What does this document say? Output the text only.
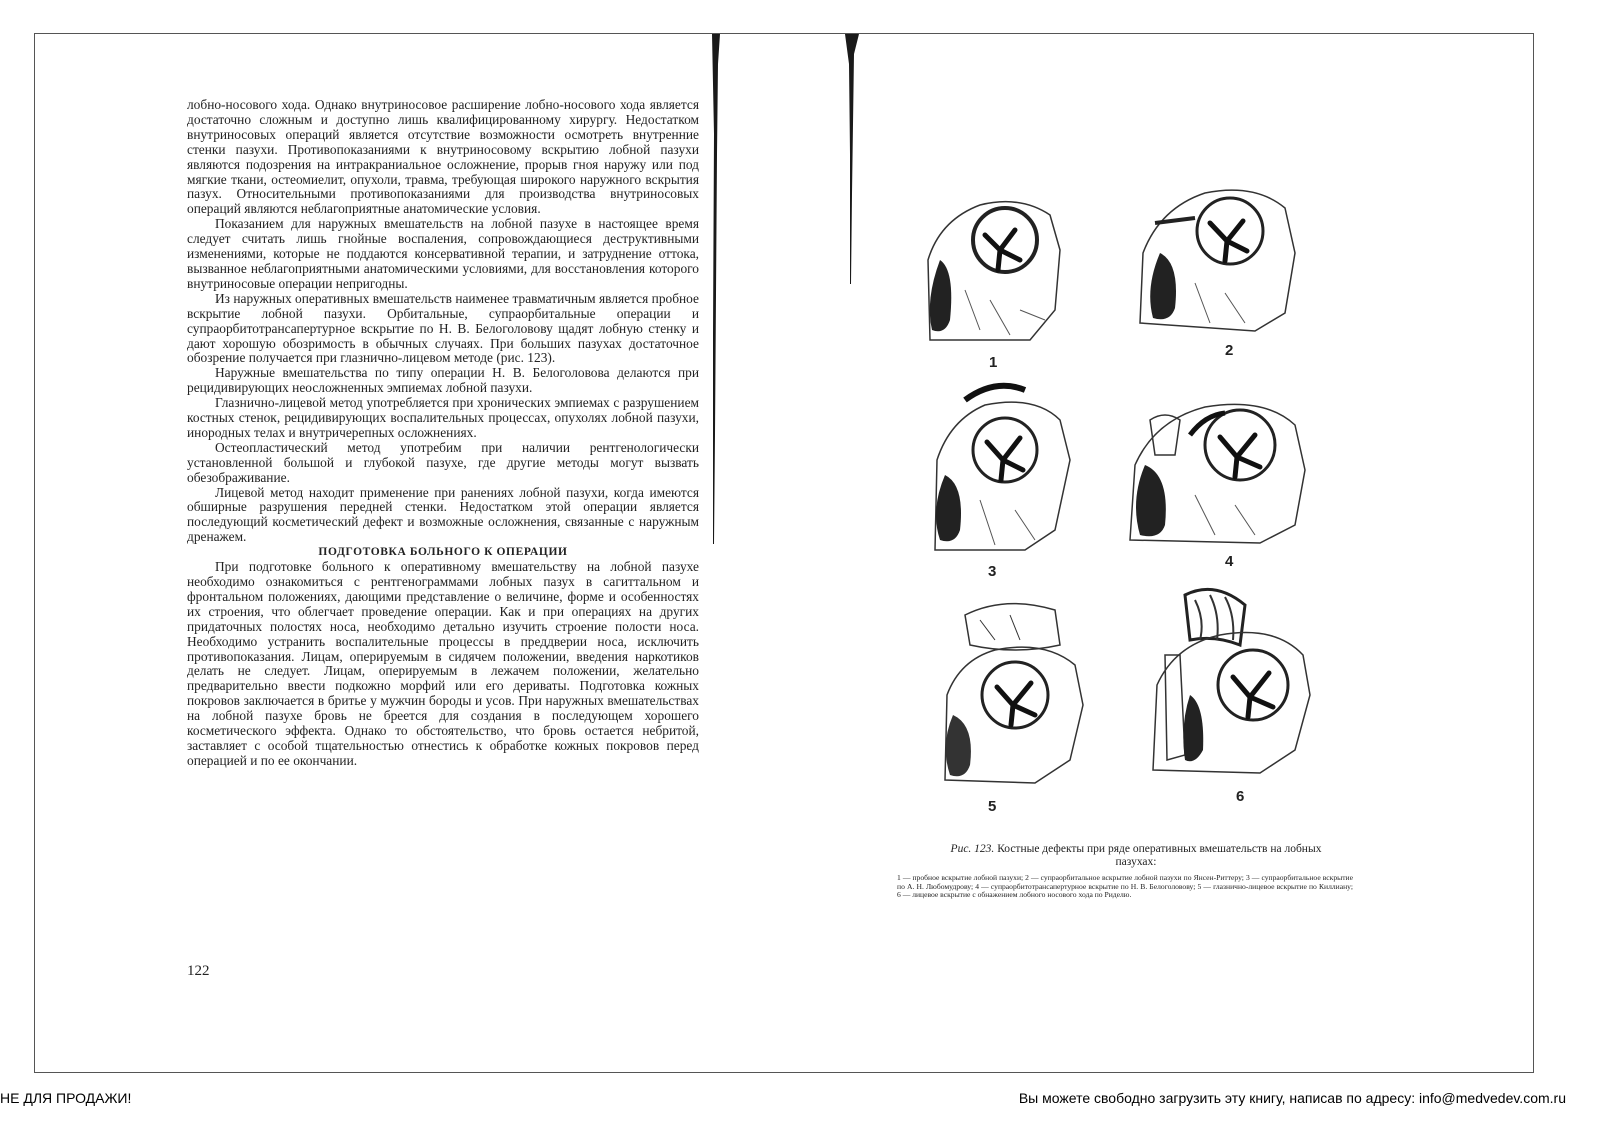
лобно-носового хода. Однако внутриносовое расширение лобно-носового хода является достаточно сложным и доступно лишь квалифицированному хирургу. Недостатком внутриносовых операций является отсутствие возможности осмотреть внутренние стенки пазухи. Противопоказаниями к внутриносовому вскрытию лобной пазухи являются подозрения на интракраниальное осложнение, прорыв гноя наружу или под мягкие ткани, остеомиелит, опухоли, травма, требующая широкого наружного вскрытия пазух. Относительными противопоказаниями для производства внутриносовых операций являются неблагоприятные анатомические условия.

Показанием для наружных вмешательств на лобной пазухе в настоящее время следует считать лишь гнойные воспаления, сопровождающиеся деструктивными изменениями, которые не поддаются консервативной терапии, и затруднение оттока, вызванное неблагоприятными анатомическими условиями, для восстановления которого внутриносовые операции непригодны.

Из наружных оперативных вмешательств наименее травматичным является пробное вскрытие лобной пазухи. Орбитальные, супраорбитальные операции и супраорбитотрансапертурное вскрытие по Н. В. Белоголовову щадят лобную стенку и дают хорошую обозримость в обычных случаях. При больших пазухах достаточное обозрение получается при глазнично-лицевом методе (рис. 123).

Наружные вмешательства по типу операции Н. В. Белоголовова делаются при рецидивирующих неосложненных эмпиемах лобной пазухи.

Глазнично-лицевой метод употребляется при хронических эмпиемах с разрушением костных стенок, рецидивирующих воспалительных процессах, опухолях лобной пазухи, инородных телах и внутричерепных осложнениях.

Остеопластический метод употребим при наличии рентгенологически установленной большой и глубокой пазухе, где другие методы могут вызвать обезображивание.

Лицевой метод находит применение при ранениях лобной пазухи, когда имеются обширные разрушения передней стенки. Недостатком этой операции является последующий косметический дефект и возможные осложнения, связанные с наружным дренажем.

ПОДГОТОВКА БОЛЬНОГО К ОПЕРАЦИИ

При подготовке больного к оперативному вмешательству на лобной пазухе необходимо ознакомиться с рентгенограммами лобных пазух в сагиттальном и фронтальном положениях, дающими представление о величине, форме и особенностях их строения, что облегчает проведение операции. Как и при операциях на других придаточных полостях носа, необходимо детально изучить строение полости носа. Необходимо устранить воспалительные процессы в преддверии носа, исключить противопоказания. Лицам, оперируемым в сидячем положении, введения наркотиков делать не следует. Лицам, оперируемым в лежачем положении, желательно предварительно ввести подкожно морфий или его дериваты. Подготовка кожных покровов заключается в бритье у мужчин бороды и усов. При наружных вмешательствах на лобной пазухе бровь не бреется для создания в последующем хорошего косметического эффекта. Однако то обстоятельство, что бровь остается небритой, заставляет с особой тщательностью отнестись к обработке кожных покровов перед операцией и по ее окончании.

122
1
2
3
4
5
6
Рис. 123. Костные дефекты при ряде оперативных вмешательств на лобных пазухах:
1 — пробное вскрытие лобной пазухи; 2 — супраорбитальное вскрытие лобной пазухи по Янсен-Риттеру; 3 — супраорбитальное вскрытие по А. Н. Любомудрову; 4 — супраорбитотрансапертурное вскрытие по Н. В. Белоголовову; 5 — глазнично-лицевое вскрытие по Киллиану; 6 — лицевое вскрытие с обнажением лобного носового хода по Риделю.
НЕ ДЛЯ ПРОДАЖИ!	Вы можете свободно загрузить эту книгу, написав по адресу: info@medvedev.com.ru
